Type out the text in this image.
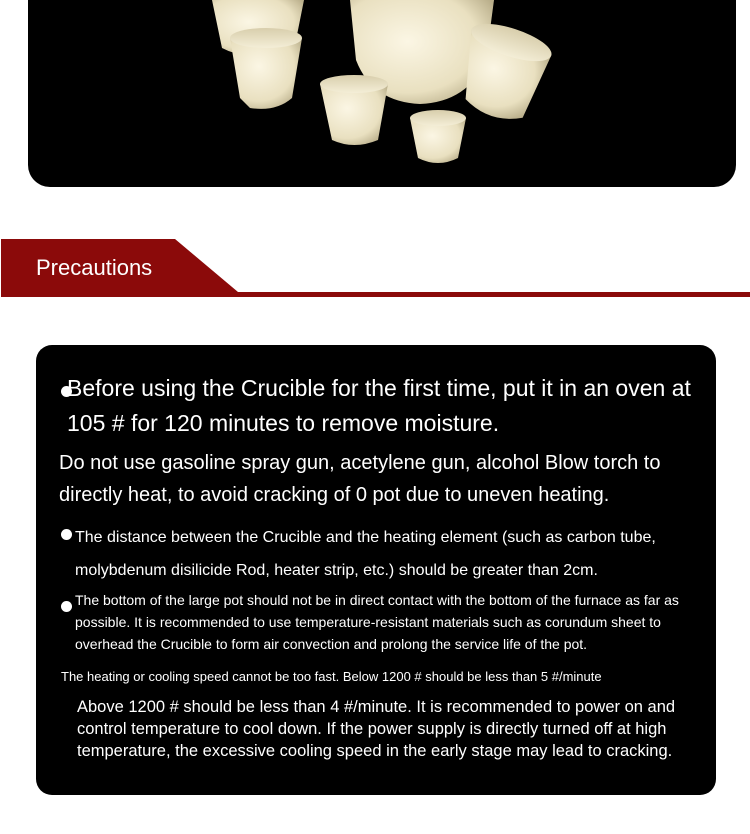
Precautions
Before using the Crucible for the first time, put it in an oven at 105 # for 120 minutes to remove moisture.
Do not use gasoline spray gun, acetylene gun, alcohol Blow torch to directly heat, to avoid cracking of 0 pot due to uneven heating.
The distance between the Crucible and the heating element (such as carbon tube, molybdenum disilicide Rod, heater strip, etc.) should be greater than 2cm.
The bottom of the large pot should not be in direct contact with the bottom of the furnace as far as possible. It is recommended to use temperature-resistant materials such as corundum sheet to overhead the Crucible to form air convection and prolong the service life of the pot.
The heating or cooling speed cannot be too fast. Below 1200 # should be less than 5 #/minute
Above 1200 # should be less than 4 #/minute. It is recommended to power on and control temperature to cool down. If the power supply is directly turned off at high temperature, the excessive cooling speed in the early stage may lead to cracking.
